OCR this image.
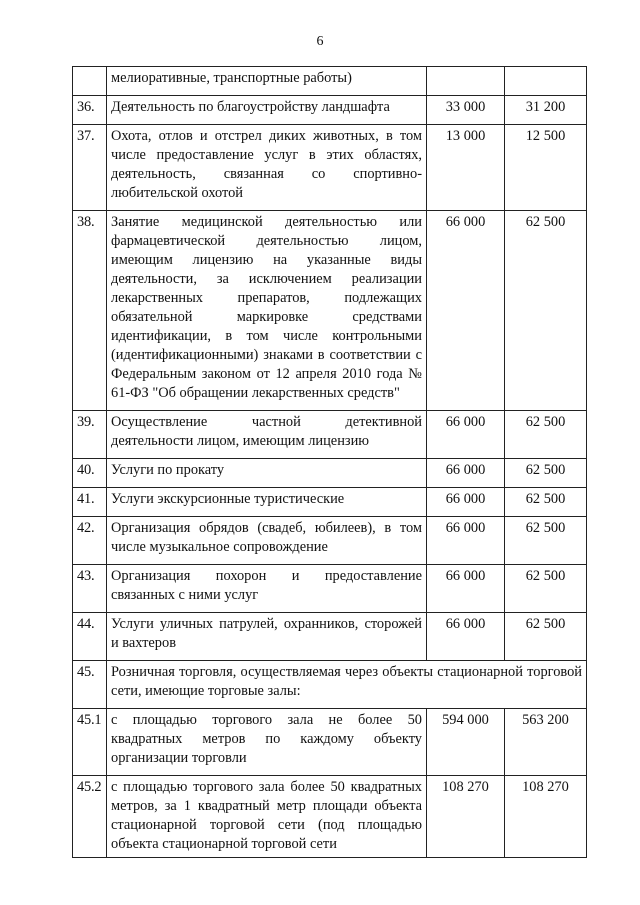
6
	мелиоративные, транспортные работы)		
36.	Деятельность по благоустройству ландшафта	33 000	31 200
37.	Охота, отлов и отстрел диких животных, в том числе предоставление услуг в этих областях, деятельность, связанная со спортивно-любительской охотой	13 000	12 500
38.	Занятие медицинской деятельностью или фармацевтической деятельностью лицом, имеющим лицензию на указанные виды деятельности, за исключением реализации лекарственных препаратов, подлежащих обязательной маркировке средствами идентификации, в том числе контрольными (идентификационными) знаками в соответствии с Федеральным законом от 12 апреля 2010 года № 61-ФЗ "Об обращении лекарственных средств"	66 000	62 500
39.	Осуществление частной детективной деятельности лицом, имеющим лицензию	66 000	62 500
40.	Услуги по прокату	66 000	62 500
41.	Услуги экскурсионные туристические	66 000	62 500
42.	Организация обрядов (свадеб, юбилеев), в том числе музыкальное сопровождение	66 000	62 500
43.	Организация похорон и предоставление связанных с ними услуг	66 000	62 500
44.	Услуги уличных патрулей, охранников, сторожей и вахтеров	66 000	62 500
45.	Розничная торговля, осуществляемая через объекты стационарной торговой сети, имеющие торговые залы:		
45.1	с площадью торгового зала не более 50 квадратных метров по каждому объекту организации торговли	594 000	563 200
45.2	с площадью торгового зала более 50 квадратных метров, за 1 квадратный метр площади объекта стационарной торговой сети (под площадью объекта стационарной торговой сети	108 270	108 270
